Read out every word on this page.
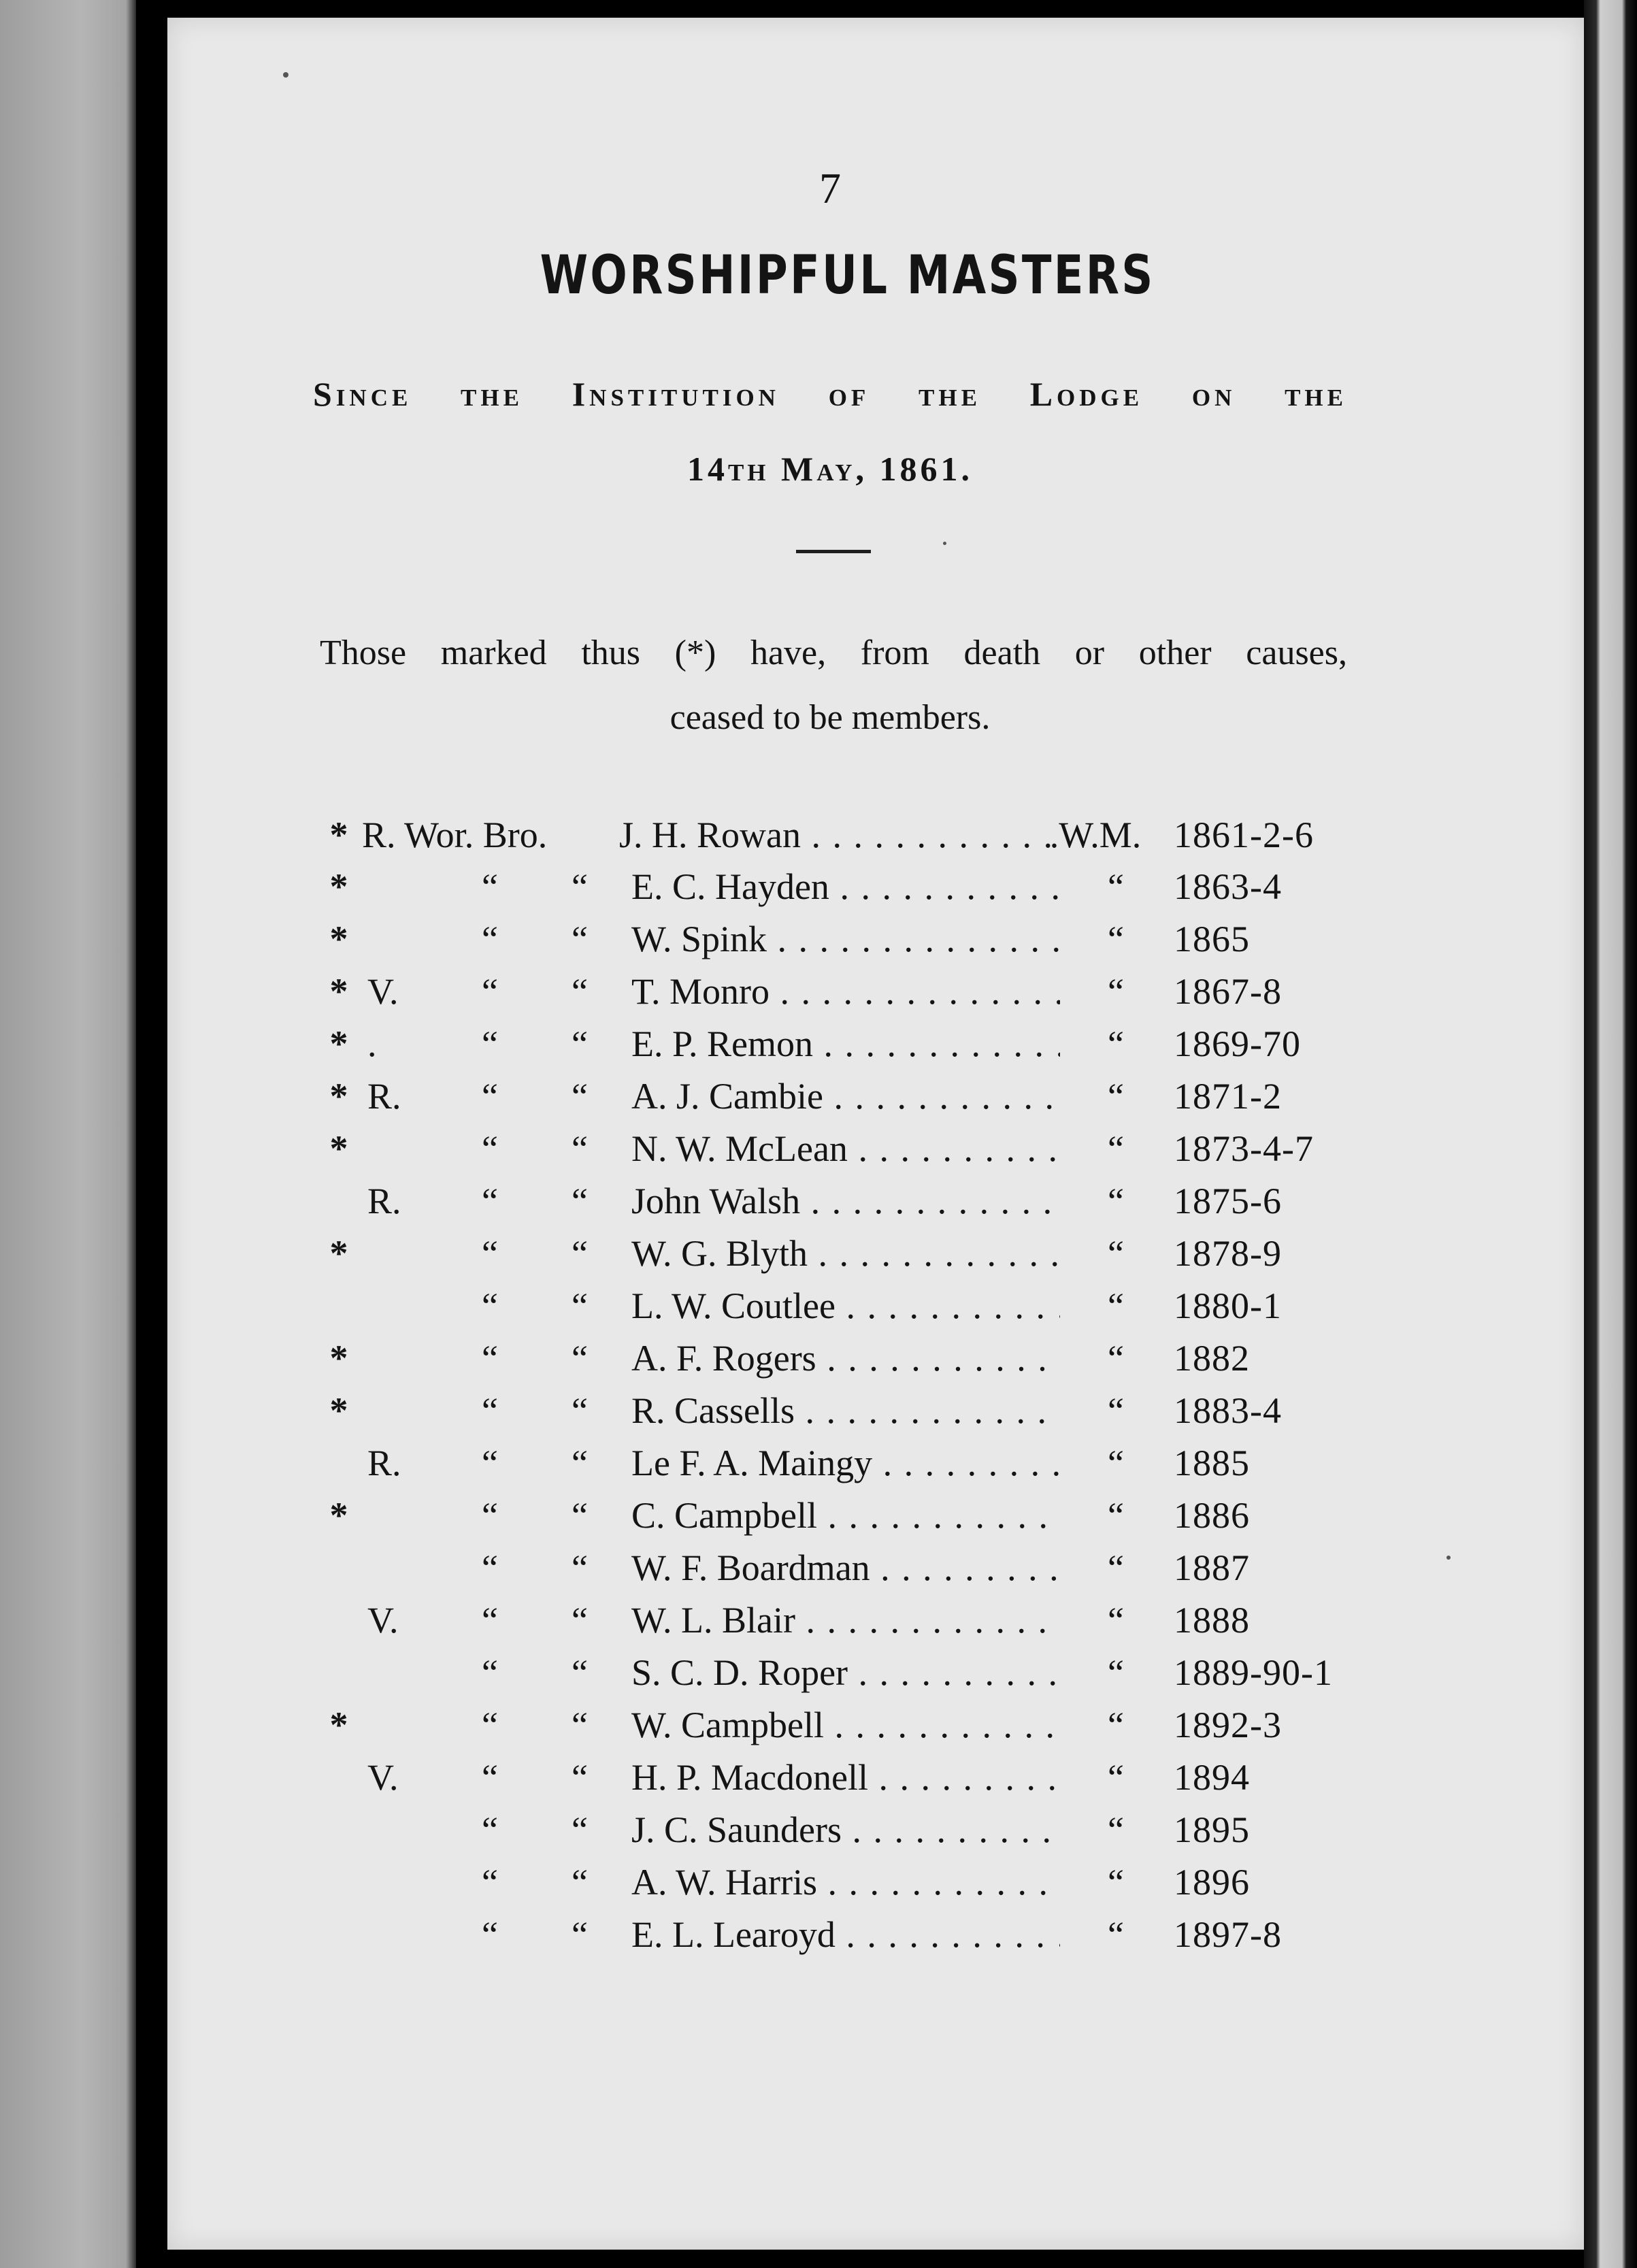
7
WORSHIPFUL MASTERS
Since the Institution of the Lodge on the
14th May, 1861.
Those marked thus (*) have, from death or other causes,
ceased to be members.
* R. Wor. Bro.	J. H. Rowan . . .	.W.M. 1861-2-6
*	“	“	E. C. Hayden . . .	“	1863-4
*	“	“	W. Spink . . .	“	1865
* V.	“	“	T. Monro . . .	“	1867-8
* .	“	“	E. P. Remon . . .	“	1869-70
* R.	“	“	A. J. Cambie . . .	“	1871-2
*	“	“	N. W. McLean . . .	“	1873-4-7
R.	“	“	John Walsh . . .	“	1875-6
*	“	“	W. G. Blyth . . .	“	1878-9
“	“	L. W. Coutlee . . .	“	1880-1
*	“	“	A. F. Rogers . . .	“	1882
*	“	“	R. Cassells . . .	“	1883-4
R.	“	“	Le F. A. Maingy . . .	“	1885
*	“	“	C. Campbell . . .	“	1886
“	“	W. F. Boardman . . .	“	1887
V.	“	“	W. L. Blair . . .	“	1888
“	“	S. C. D. Roper . . .	“	1889-90-1
*	“	“	W. Campbell . . .	“	1892-3
V.	“	“	H. P. Macdonell . . .	“	1894
“	“	J. C. Saunders . . .	“	1895
“	“	A. W. Harris . . .	“	1896
“	“	E. L. Learoyd . . .	“	1897-8
